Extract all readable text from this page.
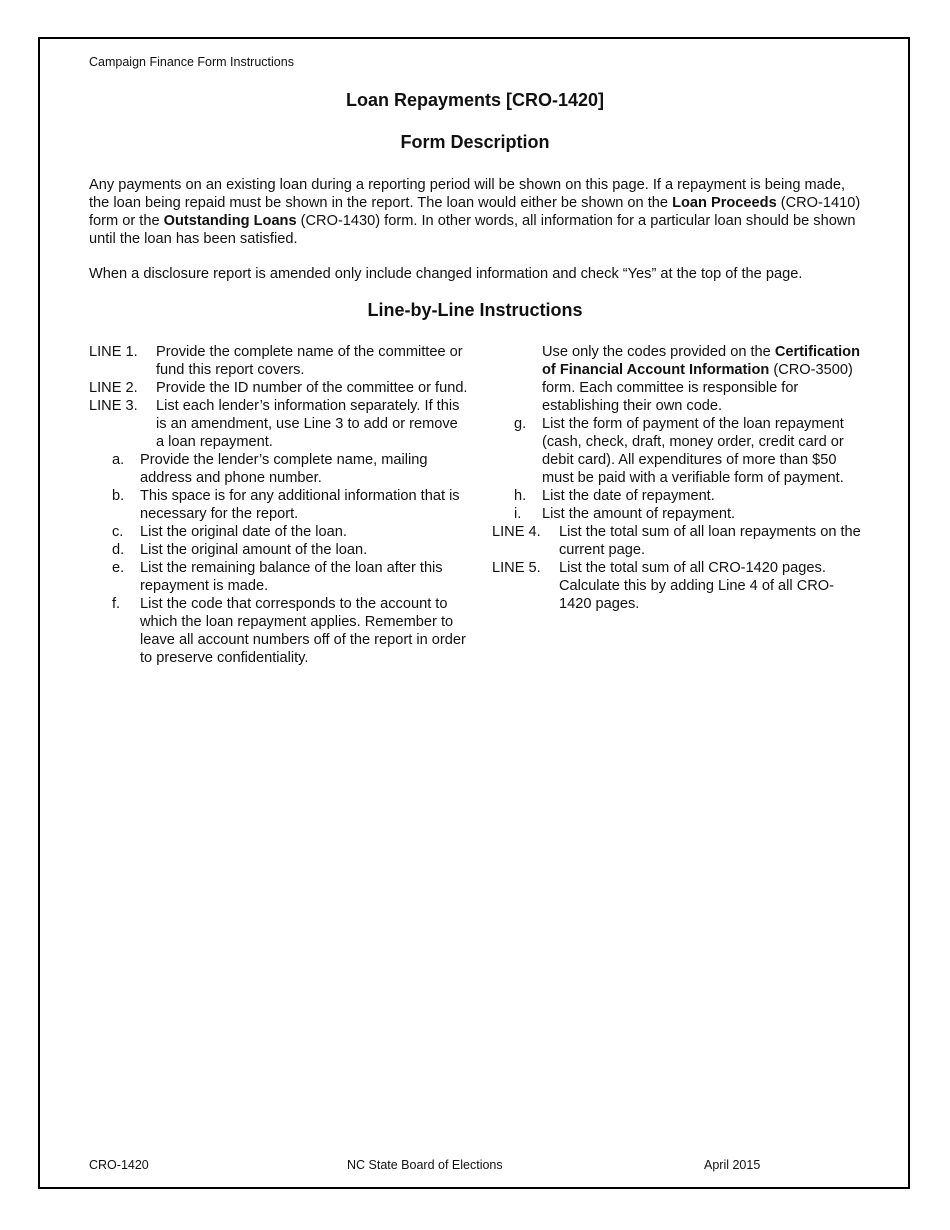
Campaign Finance Form Instructions
Loan Repayments [CRO-1420]
Form Description
Any payments on an existing loan during a reporting period will be shown on this page. If a repayment is being made, the loan being repaid must be shown in the report. The loan would either be shown on the Loan Proceeds (CRO-1410) form or the Outstanding Loans (CRO-1430) form. In other words, all information for a particular loan should be shown until the loan has been satisfied.
When a disclosure report is amended only include changed information and check “Yes” at the top of the page.
Line-by-Line Instructions
LINE 1. Provide the complete name of the committee or fund this report covers.
LINE 2. Provide the ID number of the committee or fund.
LINE 3. List each lender’s information separately. If this is an amendment, use Line 3 to add or remove a loan repayment.
a. Provide the lender’s complete name, mailing address and phone number.
b. This space is for any additional information that is necessary for the report.
c. List the original date of the loan.
d. List the original amount of the loan.
e. List the remaining balance of the loan after this repayment is made.
f. List the code that corresponds to the account to which the loan repayment applies. Remember to leave all account numbers off of the report in order to preserve confidentiality.
Use only the codes provided on the Certification of Financial Account Information (CRO-3500) form. Each committee is responsible for establishing their own code.
g. List the form of payment of the loan repayment (cash, check, draft, money order, credit card or debit card). All expenditures of more than $50 must be paid with a verifiable form of payment.
h. List the date of repayment.
i. List the amount of repayment.
LINE 4. List the total sum of all loan repayments on the current page.
LINE 5. List the total sum of all CRO-1420 pages. Calculate this by adding Line 4 of all CRO-1420 pages.
CRO-1420	NC State Board of Elections	April 2015
